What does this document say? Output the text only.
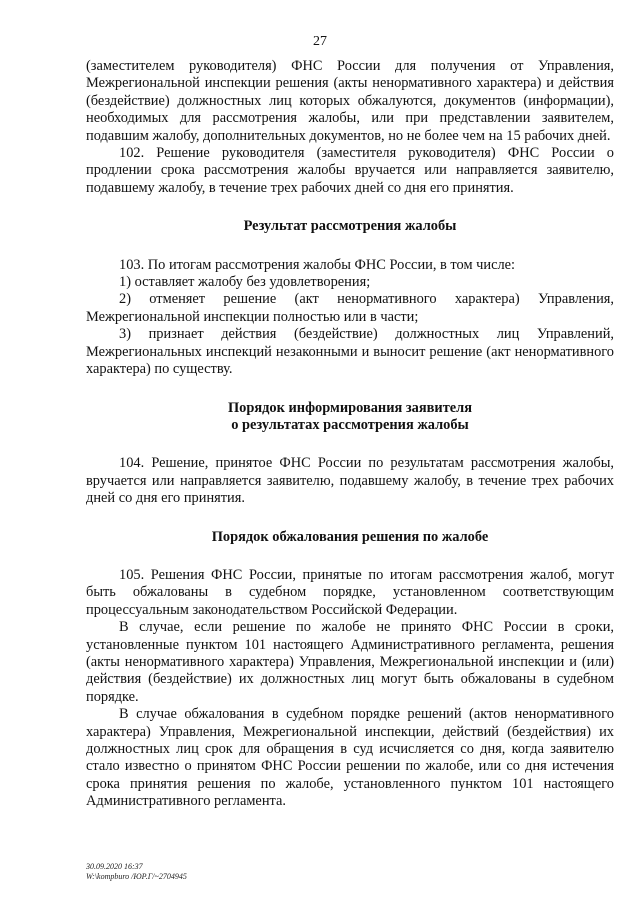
27

(заместителем руководителя) ФНС России для получения от Управления, Межрегиональной инспекции решения (акты ненормативного характера) и действия (бездействие) должностных лиц которых обжалуются, документов (информации), необходимых для рассмотрения жалобы, или при представлении заявителем, подавшим жалобу, дополнительных документов, но не более чем на 15 рабочих дней.

102. Решение руководителя (заместителя руководителя) ФНС России о продлении срока рассмотрения жалобы вручается или направляется заявителю, подавшему жалобу, в течение трех рабочих дней со дня его принятия.

Результат рассмотрения жалобы

103. По итогам рассмотрения жалобы ФНС России, в том числе:

1) оставляет жалобу без удовлетворения;

2) отменяет решение (акт ненормативного характера) Управления, Межрегиональной инспекции полностью или в части;

3) признает действия (бездействие) должностных лиц Управлений, Межрегиональных инспекций незаконными и выносит решение (акт ненормативного характера) по существу.

Порядок информирования заявителя
о результатах рассмотрения жалобы

104. Решение, принятое ФНС России по результатам рассмотрения жалобы, вручается или направляется заявителю, подавшему жалобу, в течение трех рабочих дней со дня его принятия.

Порядок обжалования решения по жалобе

105. Решения ФНС России, принятые по итогам рассмотрения жалоб, могут быть обжалованы в судебном порядке, установленном соответствующим процессуальным законодательством Российской Федерации.

В случае, если решение по жалобе не принято ФНС России в сроки, установленные пунктом 101 настоящего Административного регламента, решения (акты ненормативного характера) Управления, Межрегиональной инспекции и (или) действия (бездействие) их должностных лиц могут быть обжалованы в судебном порядке.

В случае обжалования в судебном порядке решений (актов ненормативного характера) Управления, Межрегиональной инспекции, действий (бездействия) их должностных лиц срок для обращения в суд исчисляется со дня, когда заявителю стало известно о принятом ФНС России решении по жалобе, или со дня истечения срока принятия решения по жалобе, установленного пунктом 101 настоящего Административного регламента.

30.09.2020 16:37
W:\kompburo /ЮР.Г/~2704945
